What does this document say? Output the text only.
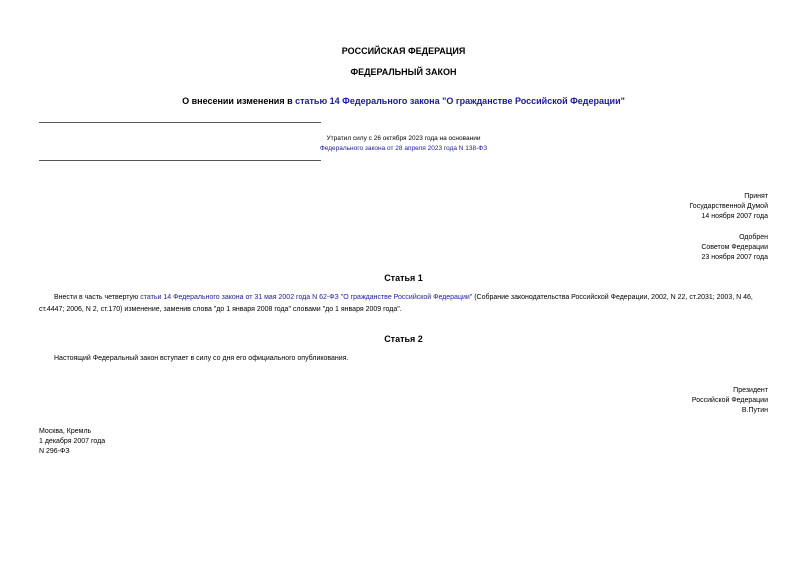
РОССИЙСКАЯ ФЕДЕРАЦИЯ
ФЕДЕРАЛЬНЫЙ ЗАКОН
О внесении изменения в статью 14 Федерального закона "О гражданстве Российской Федерации"
Утратил силу с 26 октября 2023 года на основании
Федерального закона от 28 апреля 2023 года N 138-ФЗ
Принят
Государственной Думой
14 ноября 2007 года
Одобрен
Советом Федерации
23 ноября 2007 года
Статья 1
Внести в часть четвертую статьи 14 Федерального закона от 31 мая 2002 года N 62-ФЗ "О гражданстве Российской Федерации" (Собрание законодательства Российской Федерации, 2002, N 22, ст.2031; 2003, N 46, ст.4447; 2006, N 2, ст.170) изменение, заменив слова "до 1 января 2008 года" словами "до 1 января 2009 года".
Статья 2
Настоящий Федеральный закон вступает в силу со дня его официального опубликования.
Президент
Российской Федерации
В.Путин
Москва, Кремль
1 декабря 2007 года
N 296-ФЗ
